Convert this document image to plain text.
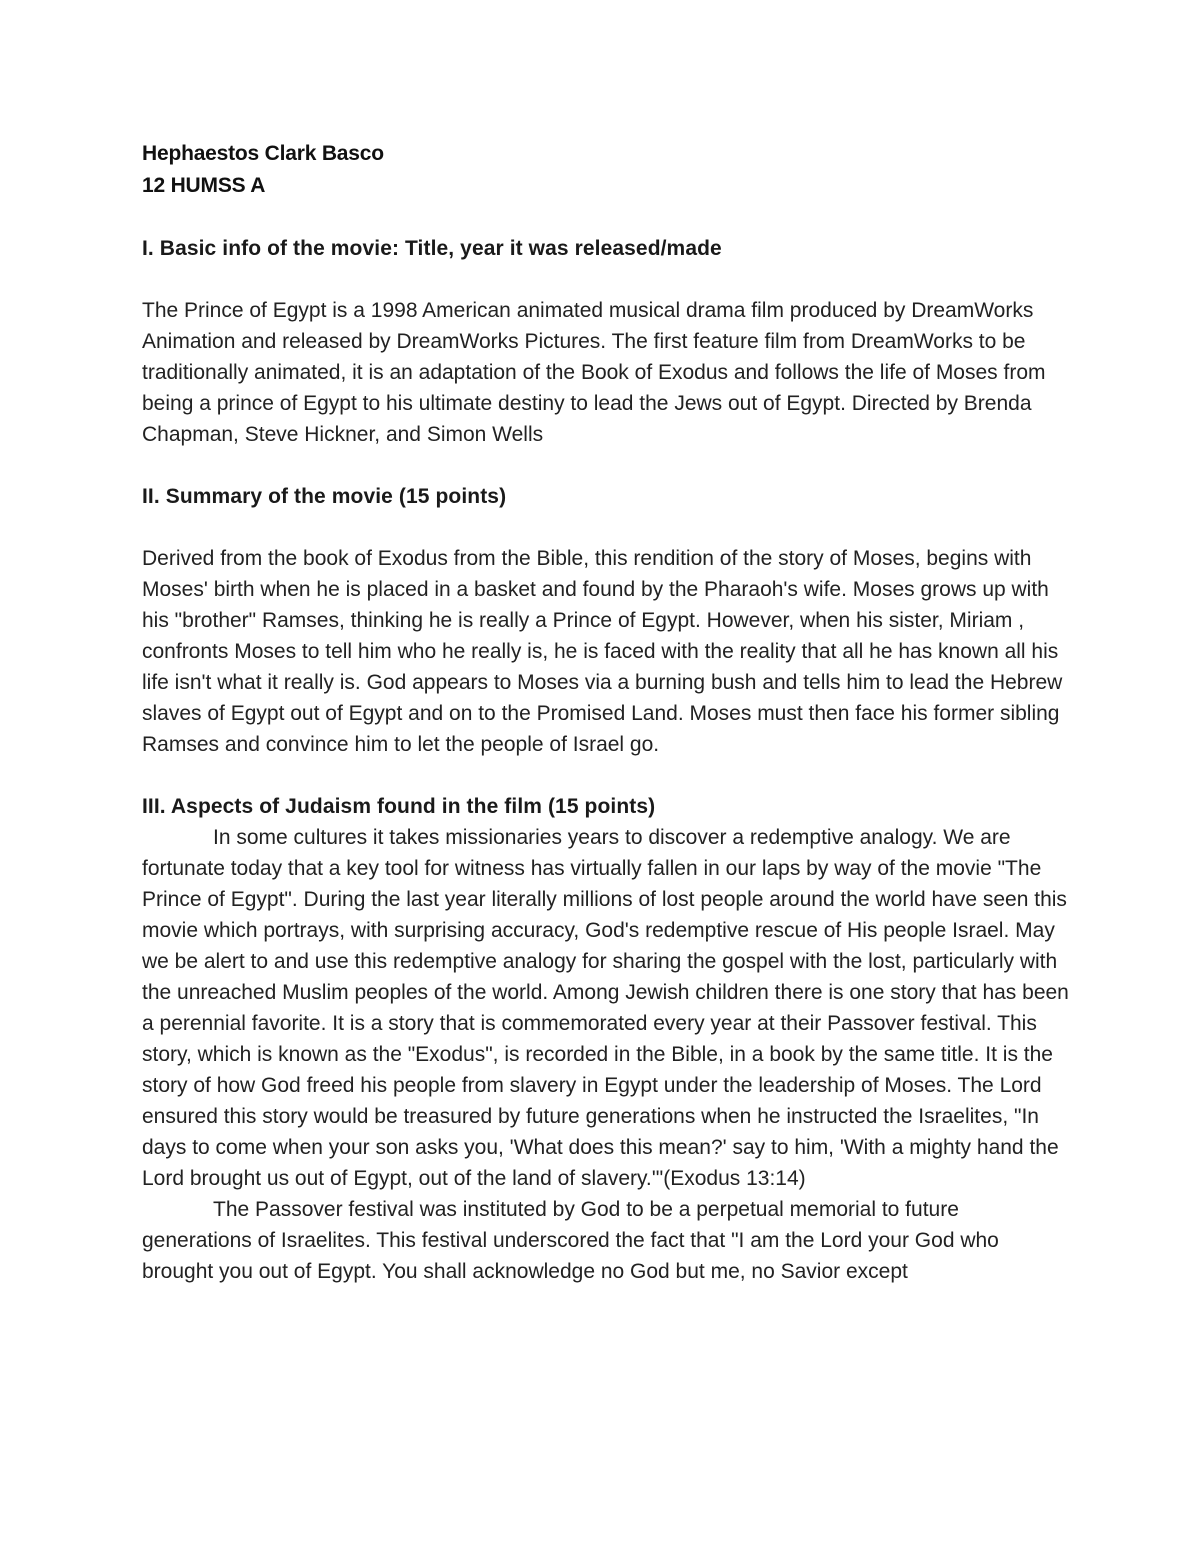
Hephaestos Clark Basco
12 HUMSS A

I. Basic info of the movie: Title, year it was released/made

The Prince of Egypt is a 1998 American animated musical drama film produced by DreamWorks Animation and released by DreamWorks Pictures. The first feature film from DreamWorks to be traditionally animated, it is an adaptation of the Book of Exodus and follows the life of Moses from being a prince of Egypt to his ultimate destiny to lead the Jews out of Egypt. Directed by Brenda Chapman, Steve Hickner, and Simon Wells

II. Summary of the movie (15 points)

Derived from the book of Exodus from the Bible, this rendition of the story of Moses, begins with Moses' birth when he is placed in a basket and found by the Pharaoh's wife. Moses grows up with his "brother" Ramses, thinking he is really a Prince of Egypt. However, when his sister, Miriam , confronts Moses to tell him who he really is, he is faced with the reality that all he has known all his life isn't what it really is. God appears to Moses via a burning bush and tells him to lead the Hebrew slaves of Egypt out of Egypt and on to the Promised Land. Moses must then face his former sibling Ramses and convince him to let the people of Israel go.

III. Aspects of Judaism found in the film (15 points)

In some cultures it takes missionaries years to discover a redemptive analogy. We are fortunate today that a key tool for witness has virtually fallen in our laps by way of the movie "The Prince of Egypt". During the last year literally millions of lost people around the world have seen this movie which portrays, with surprising accuracy, God's redemptive rescue of His people Israel. May we be alert to and use this redemptive analogy for sharing the gospel with the lost, particularly with the unreached Muslim peoples of the world. Among Jewish children there is one story that has been a perennial favorite. It is a story that is commemorated every year at their Passover festival. This story, which is known as the "Exodus", is recorded in the Bible, in a book by the same title. It is the story of how God freed his people from slavery in Egypt under the leadership of Moses. The Lord ensured this story would be treasured by future generations when he instructed the Israelites, "In days to come when your son asks you, 'What does this mean?' say to him, 'With a mighty hand the Lord brought us out of Egypt, out of the land of slavery.'"(Exodus 13:14)

The Passover festival was instituted by God to be a perpetual memorial to future generations of Israelites. This festival underscored the fact that "I am the Lord your God who brought you out of Egypt. You shall acknowledge no God but me, no Savior except
